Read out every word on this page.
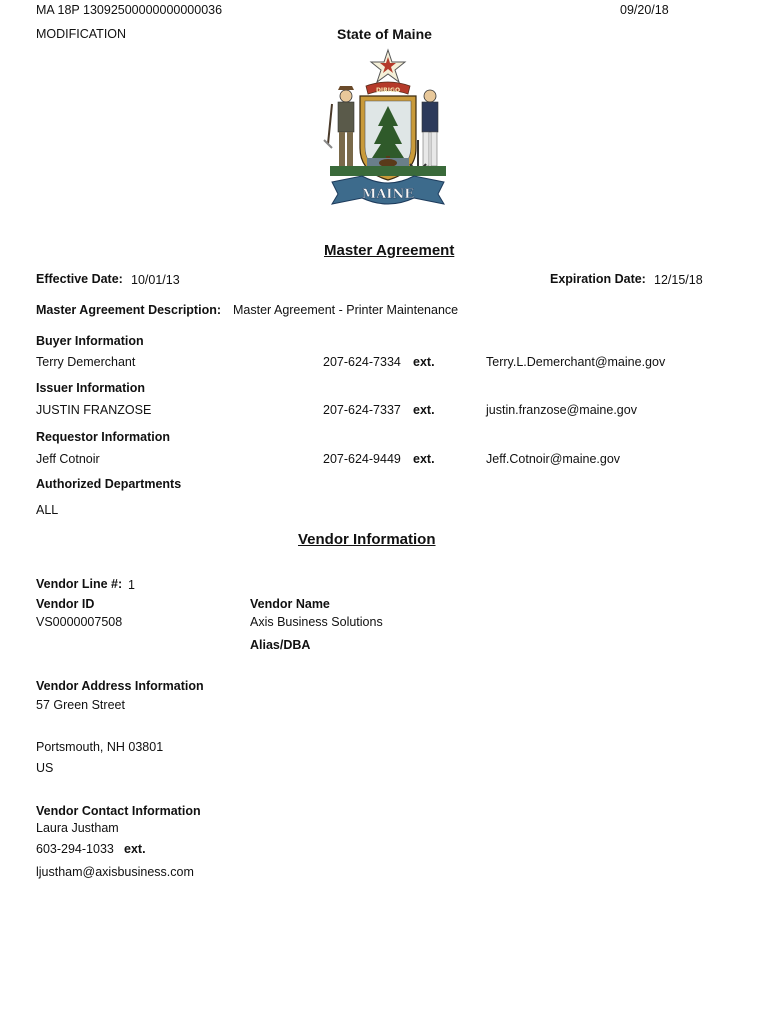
MA 18P 13092500000000000036	09/20/18
MODIFICATION	State of Maine
DIRIGO
MAINE
Master Agreement
Effective Date: 10/01/13	Expiration Date: 12/15/18
Master Agreement Description: Master Agreement - Printer Maintenance
Buyer Information
Terry Demerchant	207-624-7334 ext.	Terry.L.Demerchant@maine.gov
Issuer Information
JUSTIN FRANZOSE	207-624-7337 ext.	justin.franzose@maine.gov
Requestor Information
Jeff Cotnoir	207-624-9449 ext.	Jeff.Cotnoir@maine.gov
Authorized Departments
ALL
Vendor Information
Vendor Line #: 1
Vendor ID
VS0000007508
Vendor Name
Axis Business Solutions
Alias/DBA
Vendor Address Information
57 Green Street
Portsmouth, NH 03801
US
Vendor Contact Information
Laura Justham
603-294-1033 ext.
ljustham@axisbusiness.com
